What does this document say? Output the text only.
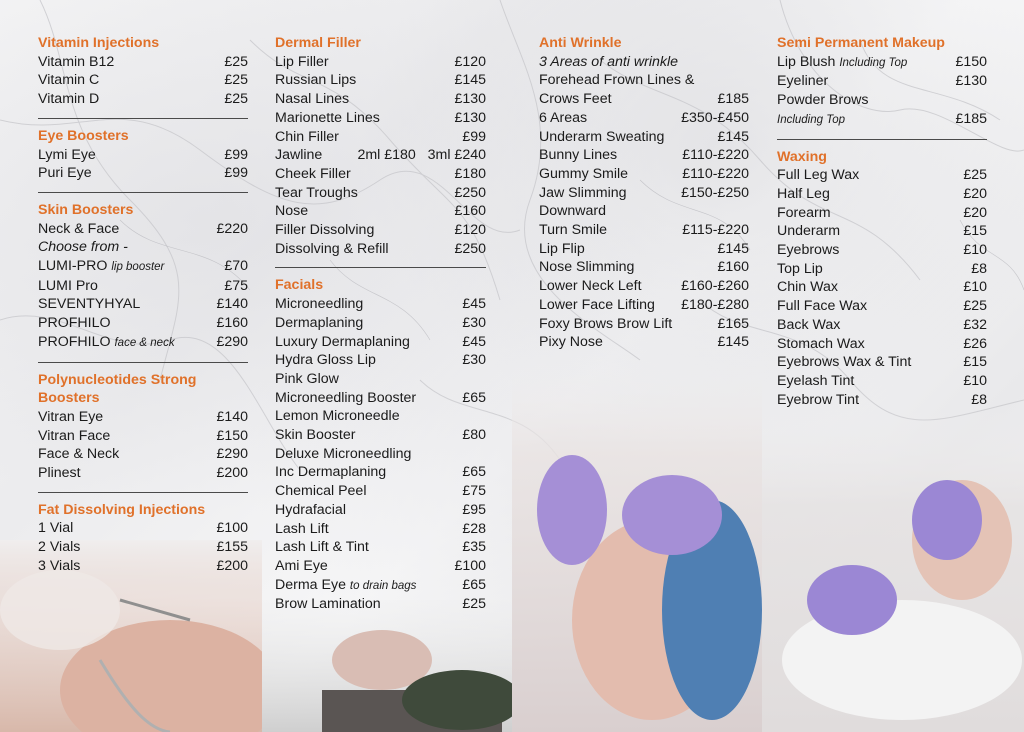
Vitamin Injections
Vitamin B12	£25
Vitamin C	£25
Vitamin D	£25
Eye Boosters
Lymi Eye	£99
Puri Eye	£99
Skin Boosters
Neck & Face	£220
Choose from -
LUMI-PRO lip booster	£70
LUMI Pro	£75
SEVENTYHYAL	£140
PROFHILO	£160
PROFHILO face & neck	£290
Polynucleotides Strong Boosters
Vitran Eye	£140
Vitran Face	£150
Face & Neck	£290
Plinest	£200
Fat Dissolving Injections
1 Vial	£100
2 Vials	£155
3 Vials	£200
Dermal Filler
Lip Filler	£120
Russian Lips	£145
Nasal Lines	£130
Marionette Lines	£130
Chin Filler	£99
Jawline 2ml £180   3ml £240
Cheek Filler	£180
Tear Troughs	£250
Nose	£160
Filler Dissolving	£120
Dissolving & Refill	£250
Facials
Microneedling	£45
Dermaplaning	£30
Luxury Dermaplaning	£45
Hydra Gloss Lip	£30
Pink Glow
Microneedling Booster	£65
Lemon Microneedle
Skin Booster	£80
Deluxe Microneedling
Inc Dermaplaning	£65
Chemical Peel	£75
Hydrafacial	£95
Lash Lift	£28
Lash Lift & Tint	£35
Ami Eye	£100
Derma Eye to drain bags	£65
Brow Lamination	£25
Anti Wrinkle
3 Areas of anti wrinkle
Forehead Frown Lines &
Crows Feet	£185
6 Areas	£350-£450
Underarm Sweating	£145
Bunny Lines	£110-£220
Gummy Smile	£110-£220
Jaw Slimming	£150-£250
Downward
Turn Smile	£115-£220
Lip Flip	£145
Nose Slimming	£160
Lower Neck Left	£160-£260
Lower Face Lifting £180-£280
Foxy Brows Brow Lift	£165
Pixy Nose	£145
Semi Permanent Makeup
Lip Blush Including Top	£150
Eyeliner	£130
Powder Brows
Including Top	£185
Waxing
Full Leg Wax	£25
Half Leg	£20
Forearm	£20
Underarm	£15
Eyebrows	£10
Top Lip	£8
Chin Wax	£10
Full Face Wax	£25
Back Wax	£32
Stomach Wax	£26
Eyebrows Wax & Tint	£15
Eyelash Tint	£10
Eyebrow Tint	£8
